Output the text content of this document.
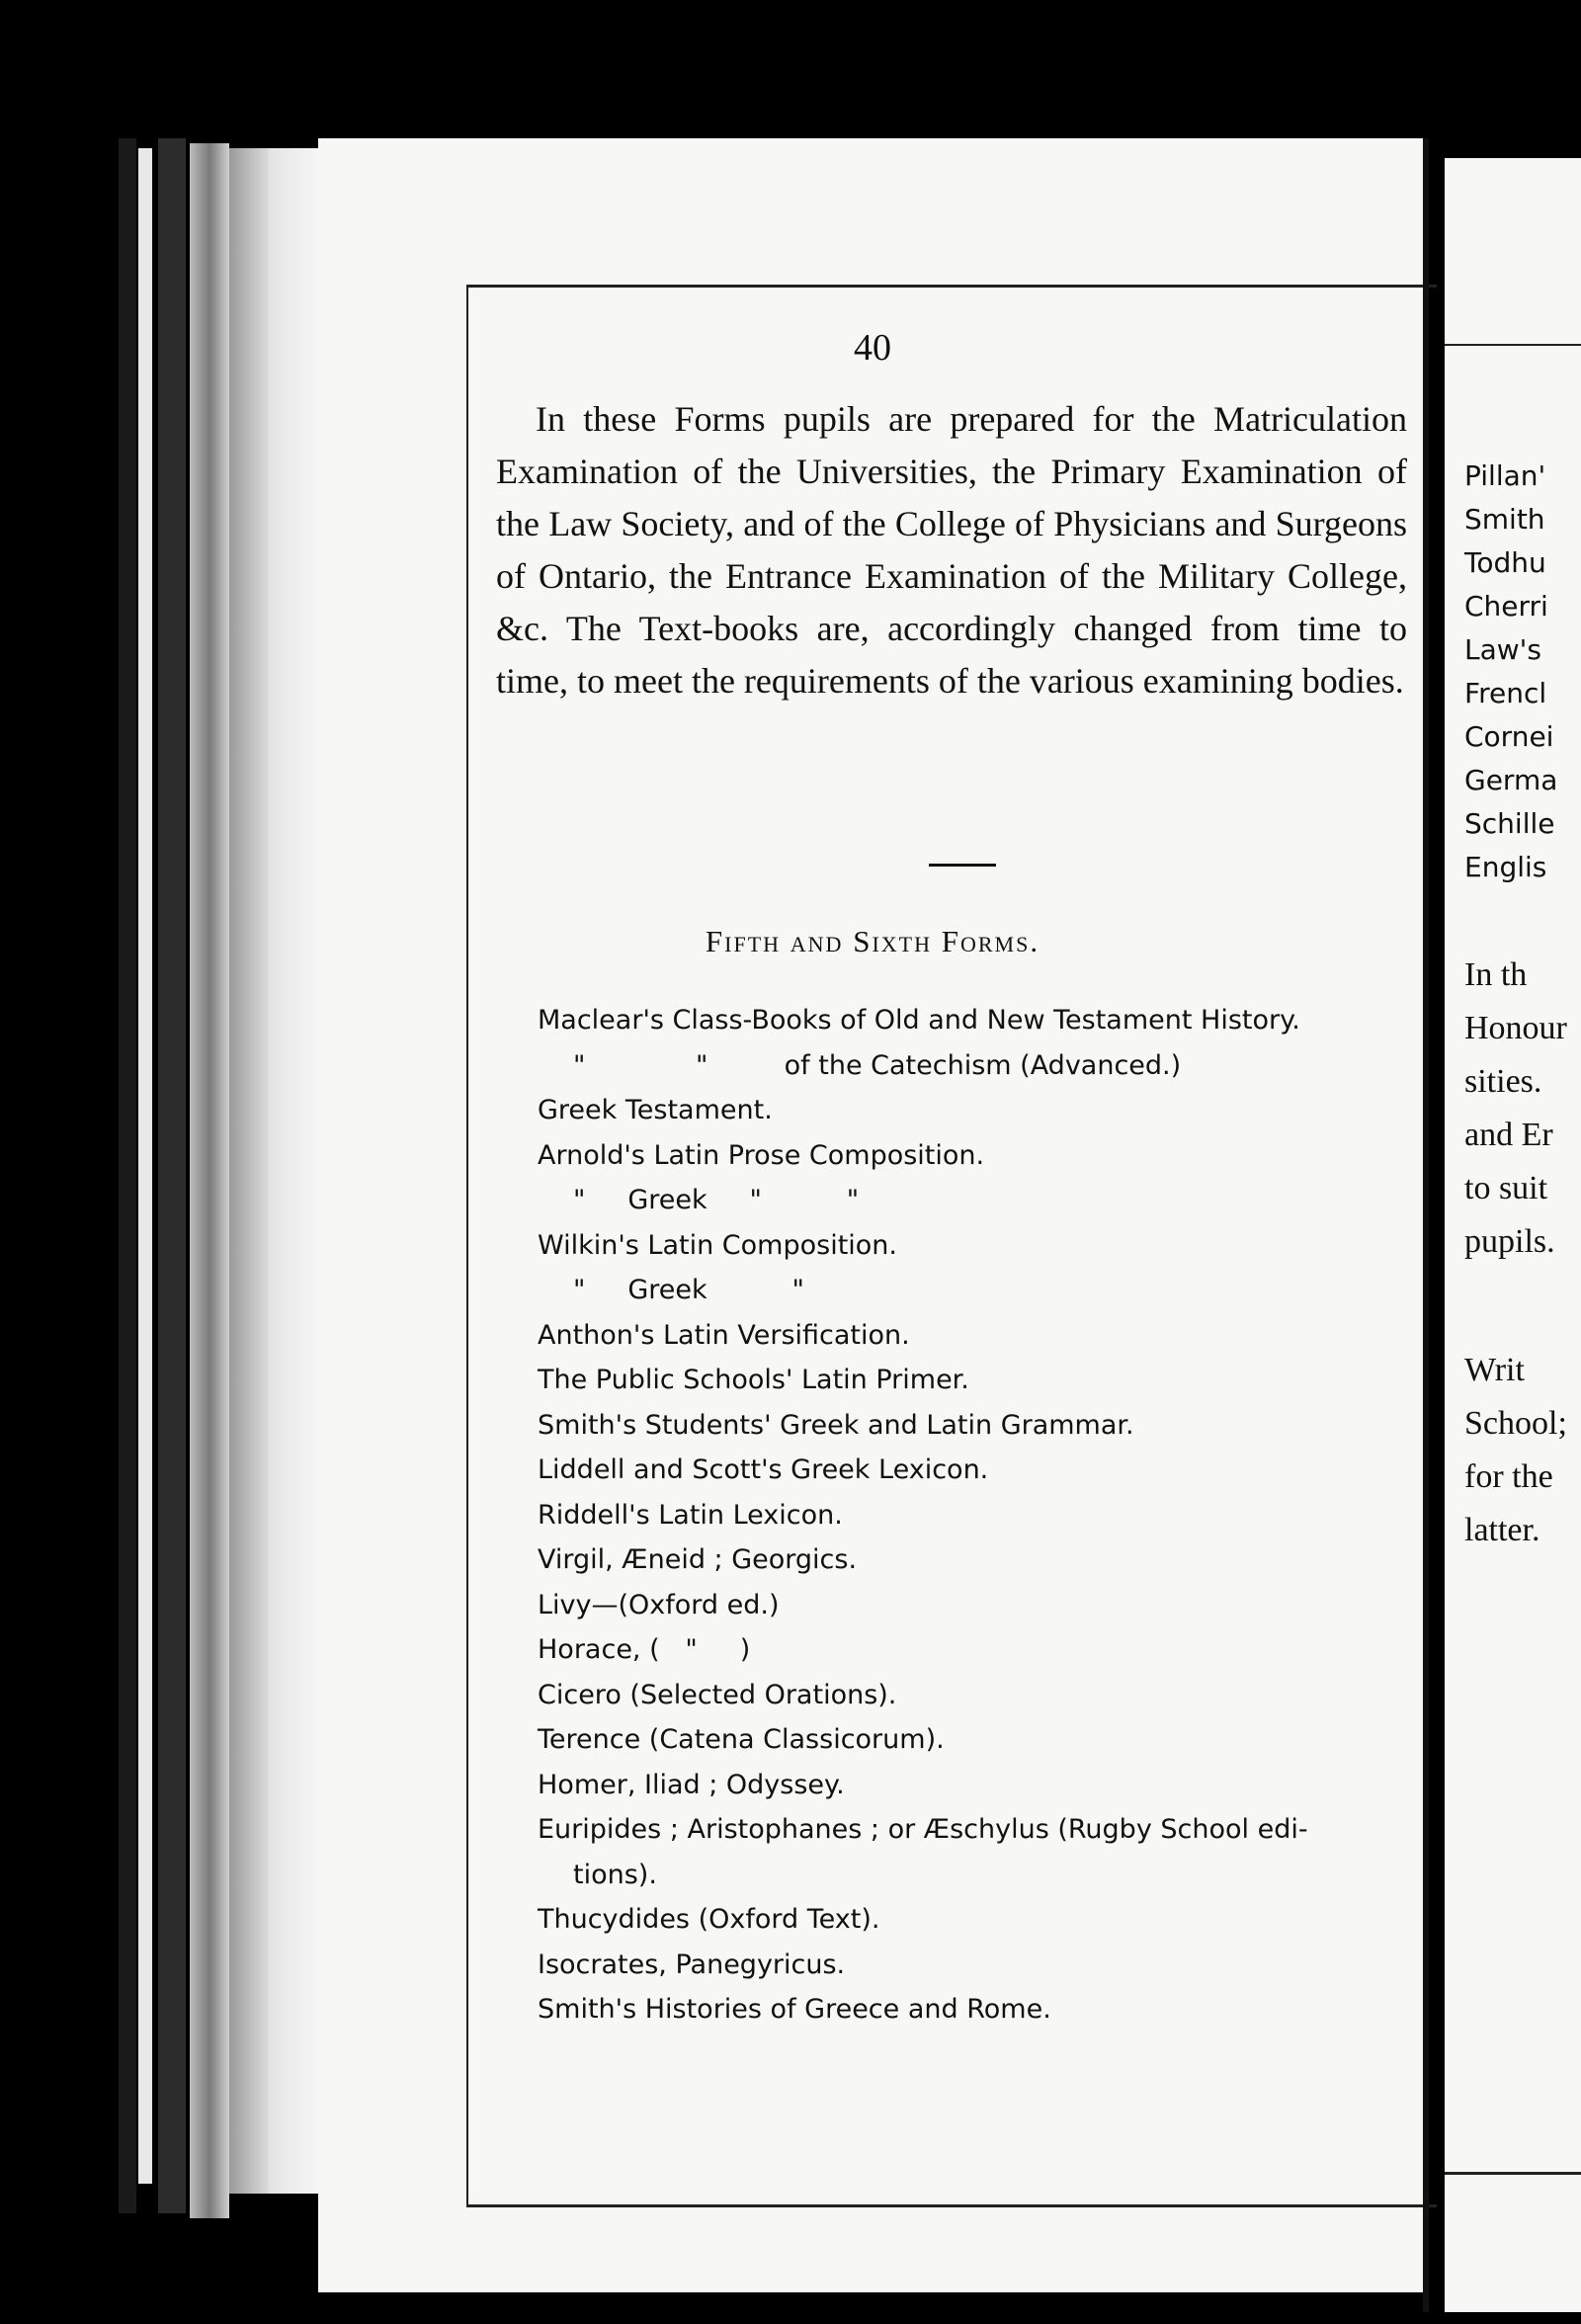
40

In these Forms pupils are prepared for the Matriculation Examination of the Universities, the Primary Examination of the Law Society, and of the College of Physicians and Surgeons of Ontario, the Entrance Examination of the Military College, &c. The Text-books are, accordingly changed from time to time, to meet the requirements of the various examining bodies.

Fifth and Sixth Forms.
Maclear's Class-Books of Old and New Testament History.
"             "         of the Catechism (Advanced.)
Greek Testament.
Arnold's Latin Prose Composition.
"     Greek     "          "
Wilkin's Latin Composition.
"     Greek          "
Anthon's Latin Versification.
The Public Schools' Latin Primer.
Smith's Students' Greek and Latin Grammar.
Liddell and Scott's Greek Lexicon.
Riddell's Latin Lexicon.
Virgil, Æneid ; Georgics.
Livy—(Oxford ed.)
Horace, (   "     )
Cicero (Selected Orations).
Terence (Catena Classicorum).
Homer, Iliad ; Odyssey.
Euripides ; Aristophanes ; or Æschylus (Rugby School edi-
tions).
Thucydides (Oxford Text).
Isocrates, Panegyricus.
Smith's Histories of Greece and Rome.
Pillan'
Smith
Todhu
Cherri
Law's
Frencl
Cornei
Germa
Schille
Englis
In th
Honour
sities.
and Er
to suit
pupils.
Writ
School;
for the
latter.
